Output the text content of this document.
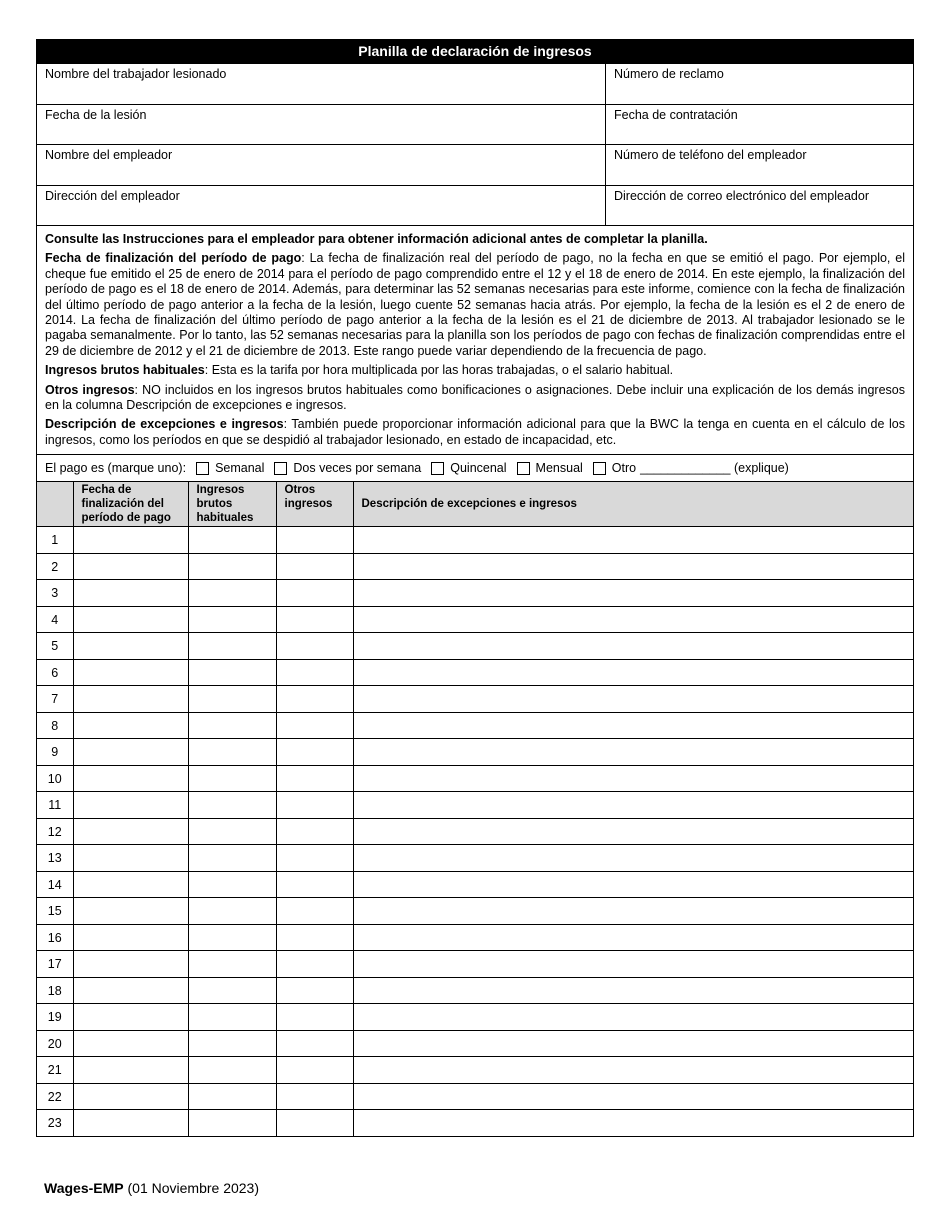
Planilla de declaración de ingresos
Nombre del trabajador lesionado	Número de reclamo
Fecha de la lesión	Fecha de contratación
Nombre del empleador	Número de teléfono del empleador
Dirección del empleador	Dirección de correo electrónico del empleador

Consulte las Instrucciones para el empleador para obtener información adicional antes de completar la planilla.

Fecha de finalización del período de pago: La fecha de finalización real del período de pago, no la fecha en que se emitió el pago. Por ejemplo, el cheque fue emitido el 25 de enero de 2014 para el período de pago comprendido entre el 12 y el 18 de enero de 2014. En este ejemplo, la finalización del período de pago es el 18 de enero de 2014. Además, para determinar las 52 semanas necesarias para este informe, comience con la fecha de finalización del último período de pago anterior a la fecha de la lesión, luego cuente 52 semanas hacia atrás. Por ejemplo, la fecha de la lesión es el 2 de enero de 2014. La fecha de finalización del último período de pago anterior a la fecha de la lesión es el 21 de diciembre de 2013. Al trabajador lesionado se le pagaba semanalmente. Por lo tanto, las 52 semanas necesarias para la planilla son los períodos de pago con fechas de finalización comprendidas entre el 29 de diciembre de 2012 y el 21 de diciembre de 2013. Este rango puede variar dependiendo de la frecuencia de pago.

Ingresos brutos habituales: Esta es la tarifa por hora multiplicada por las horas trabajadas, o el salario habitual.

Otros ingresos: NO incluidos en los ingresos brutos habituales como bonificaciones o asignaciones. Debe incluir una explicación de los demás ingresos en la columna Descripción de excepciones e ingresos.

Descripción de excepciones e ingresos: También puede proporcionar información adicional para que la BWC la tenga en cuenta en el cálculo de los ingresos, como los períodos en que se despidió al trabajador lesionado, en estado de incapacidad, etc.

El pago es (marque uno): Semanal Dos veces por semana Quincenal Mensual Otro _____________ (explique)
	Fecha de finalización del período de pago	Ingresos brutos habituales	Otros ingresos	Descripción de excepciones e ingresos
1				
2				
3				
4				
5				
6				
7				
8				
9				
10				
11				
12				
13				
14				
15				
16				
17				
18				
19				
20				
21				
22				
23				
Wages-EMP (01 Noviembre 2023)
